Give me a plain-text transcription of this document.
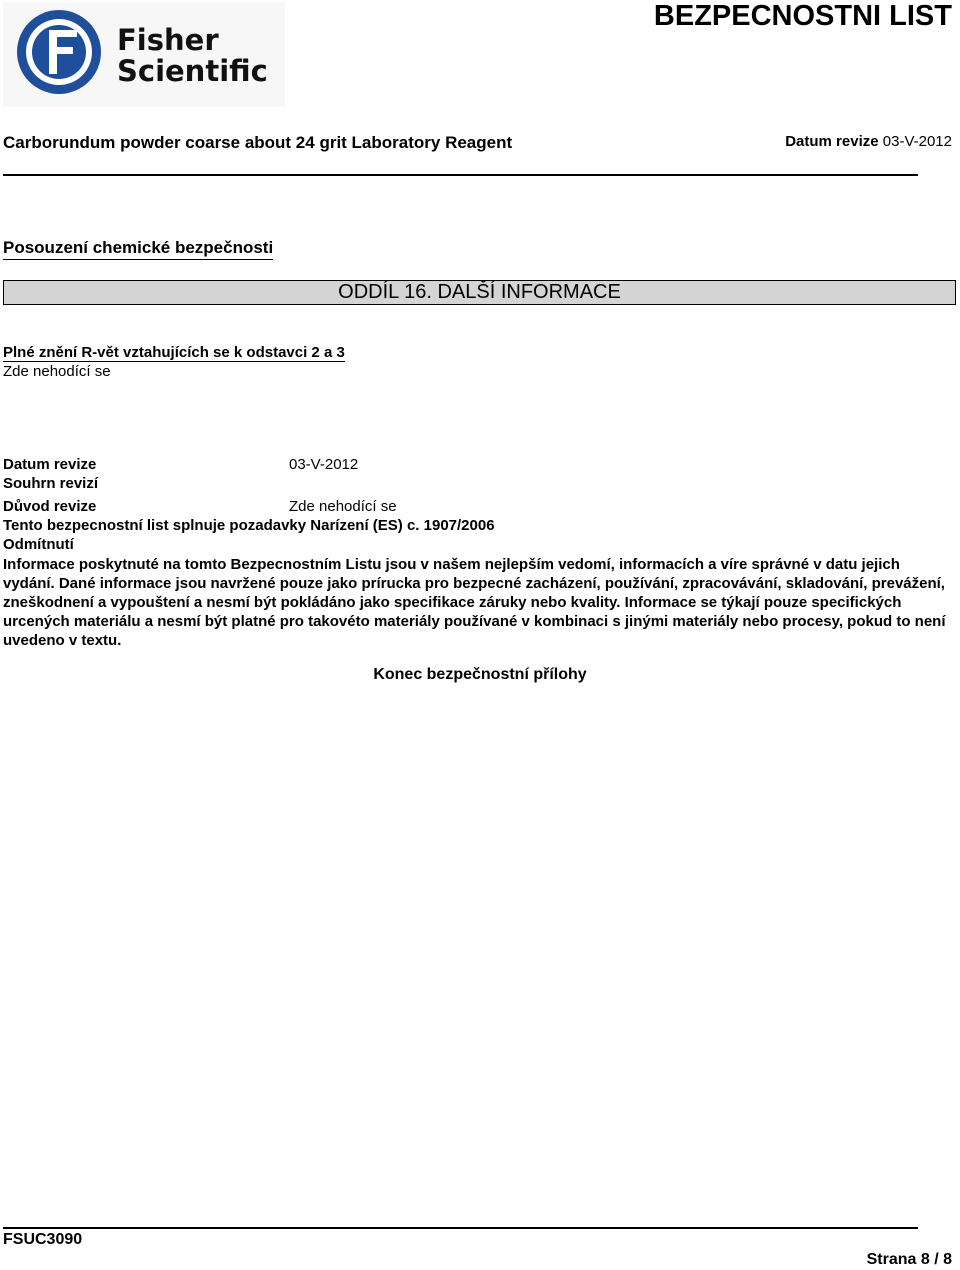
Fisher
Scientific
BEZPECNOSTNI LIST
Carborundum powder coarse about 24 grit Laboratory Reagent	Datum revize 03-V-2012
Posouzení chemické bezpečnosti
ODDÍL 16. DALŠÍ INFORMACE
Plné znění R-vět vztahujících se k odstavci 2 a 3
Zde nehodící se
Datum revize	03-V-2012
Souhrn revizí
Důvod revize	Zde nehodící se
Tento bezpecnostní list splnuje pozadavky Narízení (ES) c. 1907/2006
Odmítnutí
Informace poskytnuté na tomto Bezpecnostním Listu jsou v našem nejlepším vedomí, informacích a víre správné v datu jejich vydání. Dané informace jsou navržené pouze jako prírucka pro bezpecné zacházení, používání, zpracovávání, skladování, prevážení, zneškodnení a vypouštení a nesmí být pokládáno jako specifikace záruky nebo kvality. Informace se týkají pouze specifických urcených materiálu a nesmí být platné pro takovéto materiály používané v kombinaci s jinými materiály nebo procesy, pokud to není uvedeno v textu.
Konec bezpečnostní přílohy
FSUC3090
Strana 8 / 8
